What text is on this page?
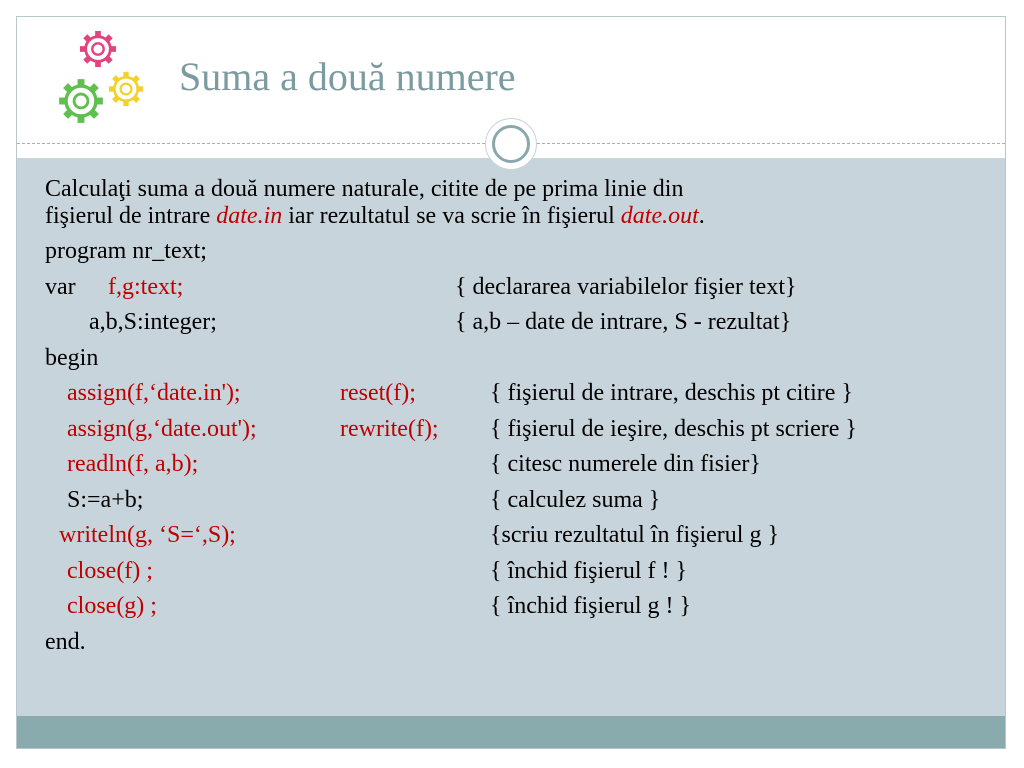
Suma a două numere
Calculaţi suma a două numere naturale, citite de pe prima linie din
fişierul de intrare date.in iar rezultatul se va scrie în fişierul date.out.
program nr_text;
var f,g:text;	{ declararea variabilelor fişier text}
a,b,S:integer;	{ a,b – date de intrare, S - rezultat}
begin
assign(f,‘date.in');	reset(f);	{ fişierul de intrare, deschis pt citire }
assign(g,‘date.out');	rewrite(f); { fişierul de ieşire, deschis pt scriere }
readln(f, a,b);	{ citesc numerele din fisier}
S:=a+b;	{ calculez suma }
writeln(g, ‘S=‘,S);	{scriu rezultatul în fişierul g }
close(f) ;	{ închid fişierul f ! }
close(g) ;	{ închid fişierul g ! }
end.
